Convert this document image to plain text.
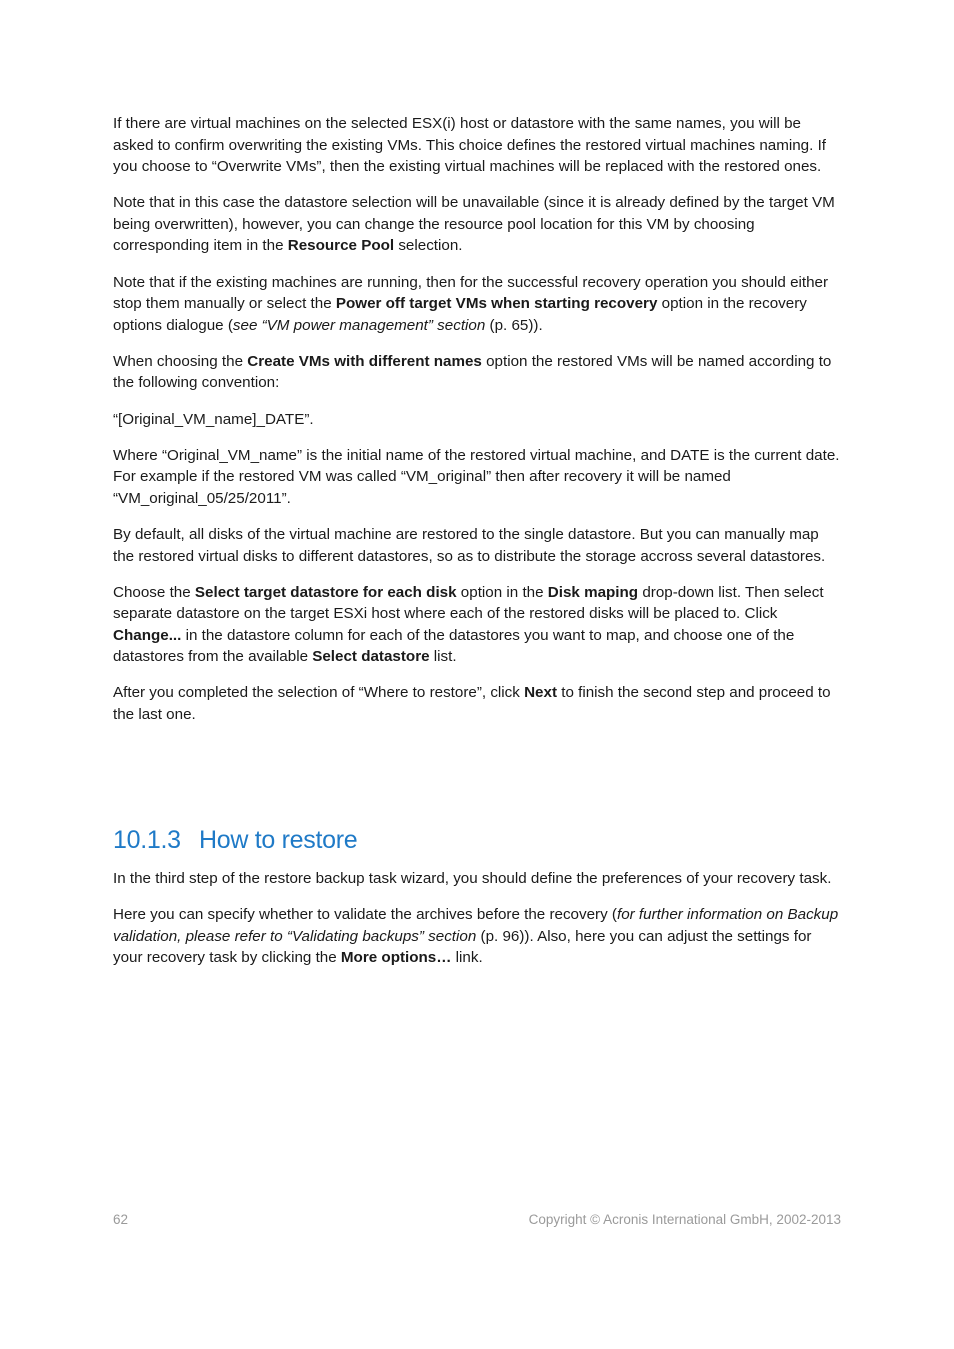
If there are virtual machines on the selected ESX(i) host or datastore with the same names, you will be asked to confirm overwriting the existing VMs. This choice defines the restored virtual machines naming. If you choose to “Overwrite VMs”, then the existing virtual machines will be replaced with the restored ones.

Note that in this case the datastore selection will be unavailable (since it is already defined by the target VM being overwritten), however, you can change the resource pool location for this VM by choosing corresponding item in the Resource Pool selection.

Note that if the existing machines are running, then for the successful recovery operation you should either stop them manually or select the Power off target VMs when starting recovery option in the recovery options dialogue (see “VM power management” section (p. 65)).

When choosing the Create VMs with different names option the restored VMs will be named according to the following convention:

“[Original_VM_name]_DATE”.

Where “Original_VM_name” is the initial name of the restored virtual machine, and DATE is the current date. For example if the restored VM was called “VM_original” then after recovery it will be named “VM_original_05/25/2011”.

By default, all disks of the virtual machine are restored to the single datastore. But you can manually map the restored virtual disks to different datastores, so as to distribute the storage accross several datastores.

Choose the Select target datastore for each disk option in the Disk maping drop-down list. Then select separate datastore on the target ESXi host where each of the restored disks will be placed to. Click Change... in the datastore column for each of the datastores you want to map, and choose one of the datastores from the available Select datastore list.

After you completed the selection of “Where to restore”, click Next to finish the second step and proceed to the last one.

10.1.3 How to restore

In the third step of the restore backup task wizard, you should define the preferences of your recovery task.

Here you can specify whether to validate the archives before the recovery (for further information on Backup validation, please refer to “Validating backups” section (p. 96)). Also, here you can adjust the settings for your recovery task by clicking the More options… link.

62	Copyright © Acronis International GmbH, 2002-2013
